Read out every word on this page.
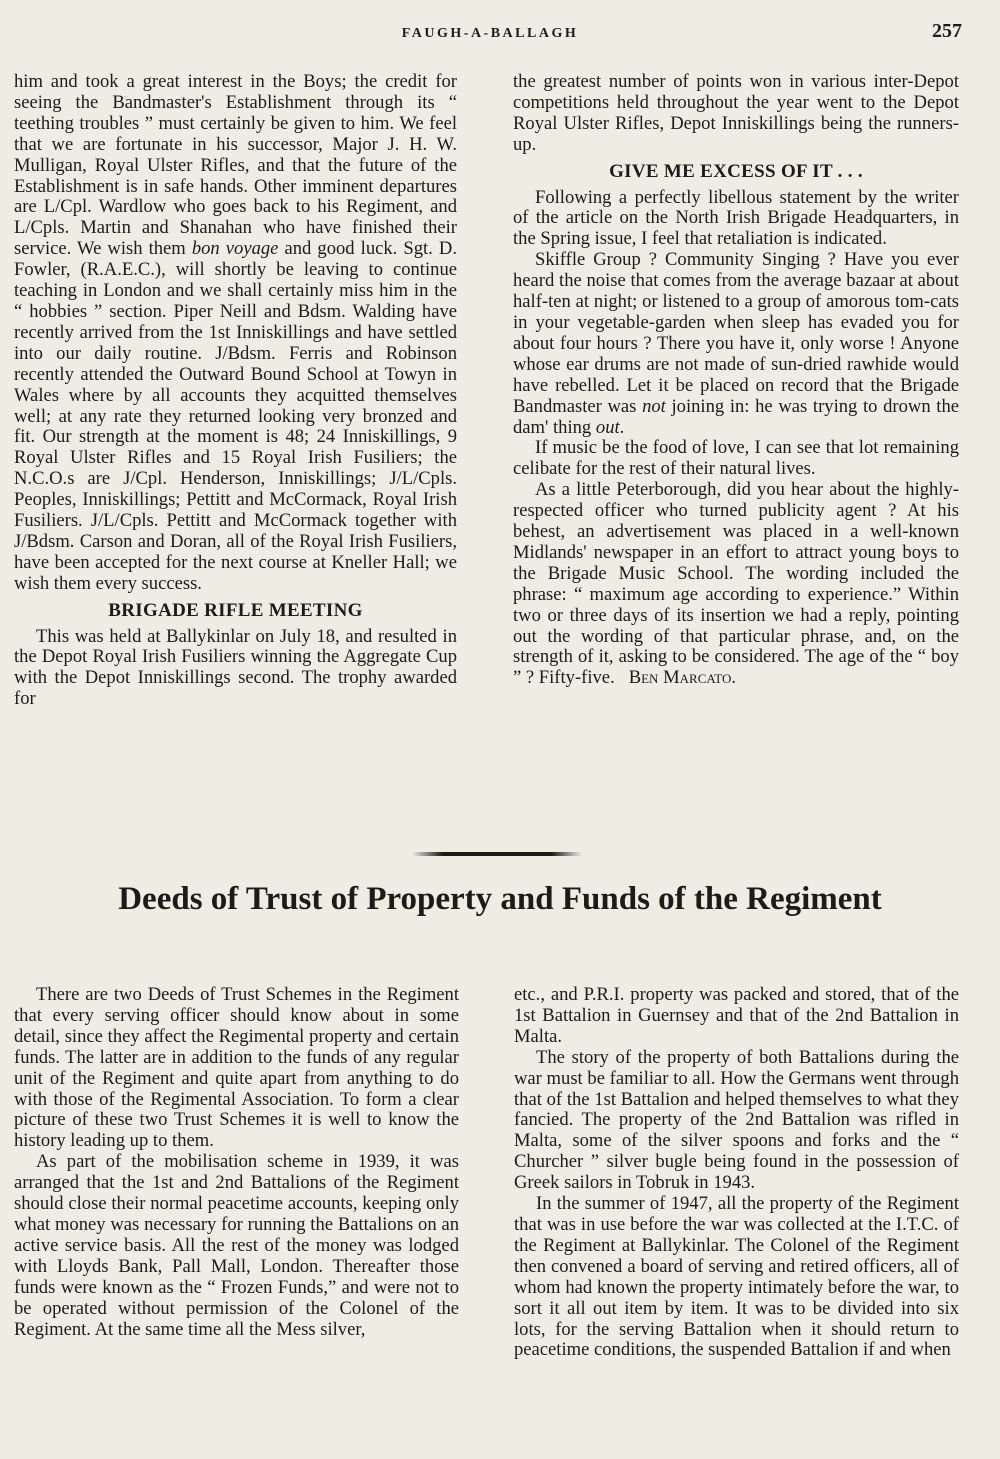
FAUGH-A-BALLAGH	257

him and took a great interest in the Boys; the credit for seeing the Bandmaster's Establishment through its “ teething troubles ” must certainly be given to him. We feel that we are fortunate in his successor, Major J. H. W. Mulligan, Royal Ulster Rifles, and that the future of the Establishment is in safe hands. Other imminent departures are L/Cpl. Wardlow who goes back to his Regiment, and L/Cpls. Martin and Shanahan who have finished their service. We wish them bon voyage and good luck. Sgt. D. Fowler, (R.A.E.C.), will shortly be leaving to continue teaching in London and we shall certainly miss him in the “ hobbies ” section. Piper Neill and Bdsm. Walding have recently arrived from the 1st Inniskillings and have settled into our daily routine. J/Bdsm. Ferris and Robinson recently attended the Outward Bound School at Towyn in Wales where by all accounts they acquitted themselves well; at any rate they returned looking very bronzed and fit. Our strength at the moment is 48; 24 Inniskillings, 9 Royal Ulster Rifles and 15 Royal Irish Fusiliers; the N.C.O.s are J/Cpl. Henderson, Inniskillings; J/L/Cpls. Peoples, Inniskillings; Pettitt and McCormack, Royal Irish Fusiliers. J/L/Cpls. Pettitt and McCormack together with J/Bdsm. Carson and Doran, all of the Royal Irish Fusiliers, have been accepted for the next course at Kneller Hall; we wish them every success.

BRIGADE RIFLE MEETING

This was held at Ballykinlar on July 18, and resulted in the Depot Royal Irish Fusiliers winning the Aggregate Cup with the Depot Inniskillings second. The trophy awarded for

the greatest number of points won in various inter-Depot competitions held throughout the year went to the Depot Royal Ulster Rifles, Depot Inniskillings being the runners-up.

GIVE ME EXCESS OF IT . . .

Following a perfectly libellous statement by the writer of the article on the North Irish Brigade Headquarters, in the Spring issue, I feel that retaliation is indicated.

Skiffle Group ? Community Singing ? Have you ever heard the noise that comes from the average bazaar at about half-ten at night; or listened to a group of amorous tom-cats in your vegetable-garden when sleep has evaded you for about four hours ? There you have it, only worse ! Anyone whose ear drums are not made of sun-dried rawhide would have rebelled. Let it be placed on record that the Brigade Bandmaster was not joining in: he was trying to drown the dam' thing out.

If music be the food of love, I can see that lot remaining celibate for the rest of their natural lives.

As a little Peterborough, did you hear about the highly-respected officer who turned publicity agent ? At his behest, an advertisement was placed in a well-known Midlands' newspaper in an effort to attract young boys to the Brigade Music School. The wording included the phrase: “ maximum age according to experience.” Within two or three days of its insertion we had a reply, pointing out the wording of that particular phrase, and, on the strength of it, asking to be considered. The age of the “ boy ” ? Fifty-five. Ben Marcato.

Deeds of Trust of Property and Funds of the Regiment

There are two Deeds of Trust Schemes in the Regiment that every serving officer should know about in some detail, since they affect the Regimental property and certain funds. The latter are in addition to the funds of any regular unit of the Regiment and quite apart from anything to do with those of the Regimental Association. To form a clear picture of these two Trust Schemes it is well to know the history leading up to them.

As part of the mobilisation scheme in 1939, it was arranged that the 1st and 2nd Battalions of the Regiment should close their normal peacetime accounts, keeping only what money was necessary for running the Battalions on an active service basis. All the rest of the money was lodged with Lloyds Bank, Pall Mall, London. Thereafter those funds were known as the “ Frozen Funds,” and were not to be operated without permission of the Colonel of the Regiment. At the same time all the Mess silver,

etc., and P.R.I. property was packed and stored, that of the 1st Battalion in Guernsey and that of the 2nd Battalion in Malta.

The story of the property of both Battalions during the war must be familiar to all. How the Germans went through that of the 1st Battalion and helped themselves to what they fancied. The property of the 2nd Battalion was rifled in Malta, some of the silver spoons and forks and the “ Churcher ” silver bugle being found in the possession of Greek sailors in Tobruk in 1943.

In the summer of 1947, all the property of the Regiment that was in use before the war was collected at the I.T.C. of the Regiment at Ballykinlar. The Colonel of the Regiment then convened a board of serving and retired officers, all of whom had known the property intimately before the war, to sort it all out item by item. It was to be divided into six lots, for the serving Battalion when it should return to peacetime conditions, the suspended Battalion if and when
